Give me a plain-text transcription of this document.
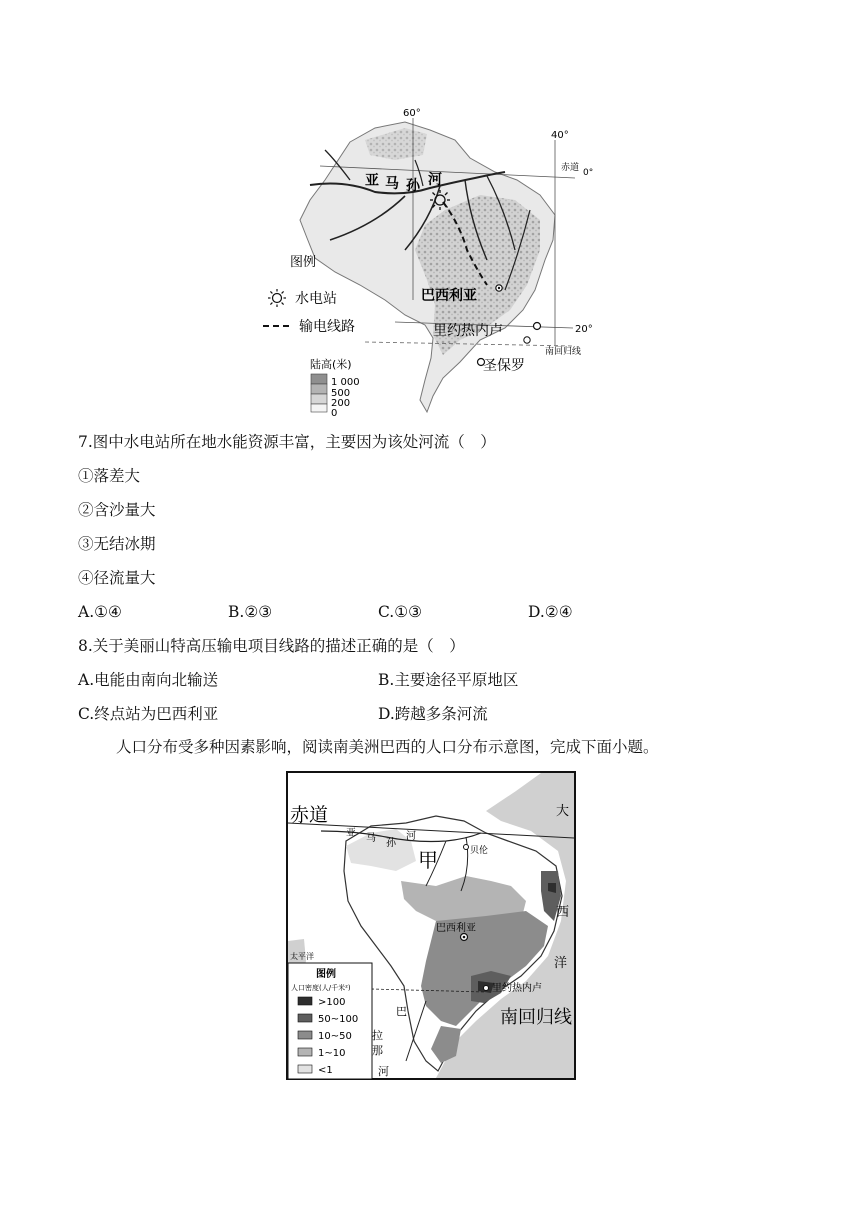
60°
40°
赤道 0°
20°
南回归线
亚 马 孙 河
巴西利亚
里约热内卢
圣保罗
图例
水电站
输电线路
陆高(米)
1 000
500
200
0
7.图中水电站所在地水能资源丰富，主要因为该处河流（　）
①落差大
②含沙量大
③无结冰期
④径流量大
A.①④	B.②③	C.①③	D.②④
8.关于美丽山特高压输电项目线路的描述正确的是（　）
A.电能由南向北输送	B.主要途径平原地区
C.终点站为巴西利亚	D.跨越多条河流
人口分布受多种因素影响，阅读南美洲巴西的人口分布示意图，完成下面小题。
赤道	大
西
洋
太平洋
亚 马 孙
河
甲	贝伦
巴西利亚
里约热内卢
南回归线
巴
拉
那
河
图例
人口密度(人/千米²)
>100
50~100
10~50
1~10
<1
